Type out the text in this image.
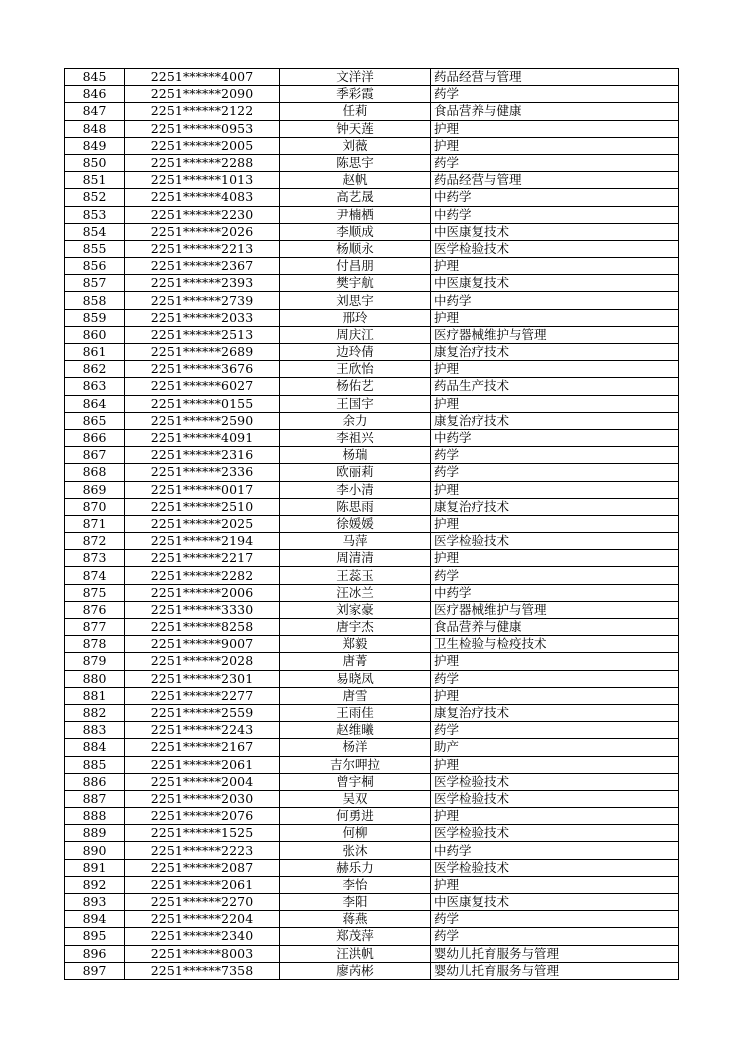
845	2251******4007	文洋洋	药品经营与管理
846	2251******2090	季彩霞	药学
847	2251******2122	任莉	食品营养与健康
848	2251******0953	钟天莲	护理
849	2251******2005	刘薇	护理
850	2251******2288	陈思宇	药学
851	2251******1013	赵帆	药品经营与管理
852	2251******4083	高艺晟	中药学
853	2251******2230	尹楠栖	中药学
854	2251******2026	李顺成	中医康复技术
855	2251******2213	杨顺永	医学检验技术
856	2251******2367	付昌朋	护理
857	2251******2393	樊宇航	中医康复技术
858	2251******2739	刘思宇	中药学
859	2251******2033	邢玲	护理
860	2251******2513	周庆江	医疗器械维护与管理
861	2251******2689	边玲倩	康复治疗技术
862	2251******3676	王欣怡	护理
863	2251******6027	杨佑艺	药品生产技术
864	2251******0155	王国宇	护理
865	2251******2590	余力	康复治疗技术
866	2251******4091	李祖兴	中药学
867	2251******2316	杨瑞	药学
868	2251******2336	欧丽莉	药学
869	2251******0017	李小清	护理
870	2251******2510	陈思雨	康复治疗技术
871	2251******2025	徐媛媛	护理
872	2251******2194	马萍	医学检验技术
873	2251******2217	周清清	护理
874	2251******2282	王蕊玉	药学
875	2251******2006	汪冰兰	中药学
876	2251******3330	刘家豪	医疗器械维护与管理
877	2251******8258	唐宇杰	食品营养与健康
878	2251******9007	郑毅	卫生检验与检疫技术
879	2251******2028	唐菁	护理
880	2251******2301	易晓凤	药学
881	2251******2277	唐雪	护理
882	2251******2559	王雨佳	康复治疗技术
883	2251******2243	赵维曦	药学
884	2251******2167	杨洋	助产
885	2251******2061	吉尔呷拉	护理
886	2251******2004	曾宇桐	医学检验技术
887	2251******2030	吴双	医学检验技术
888	2251******2076	何勇进	护理
889	2251******1525	何柳	医学检验技术
890	2251******2223	张沐	中药学
891	2251******2087	赫乐力	医学检验技术
892	2251******2061	李怡	护理
893	2251******2270	李阳	中医康复技术
894	2251******2204	蒋燕	药学
895	2251******2340	郑茂萍	药学
896	2251******8003	汪洪帆	婴幼儿托育服务与管理
897	2251******7358	廖芮彬	婴幼儿托育服务与管理
